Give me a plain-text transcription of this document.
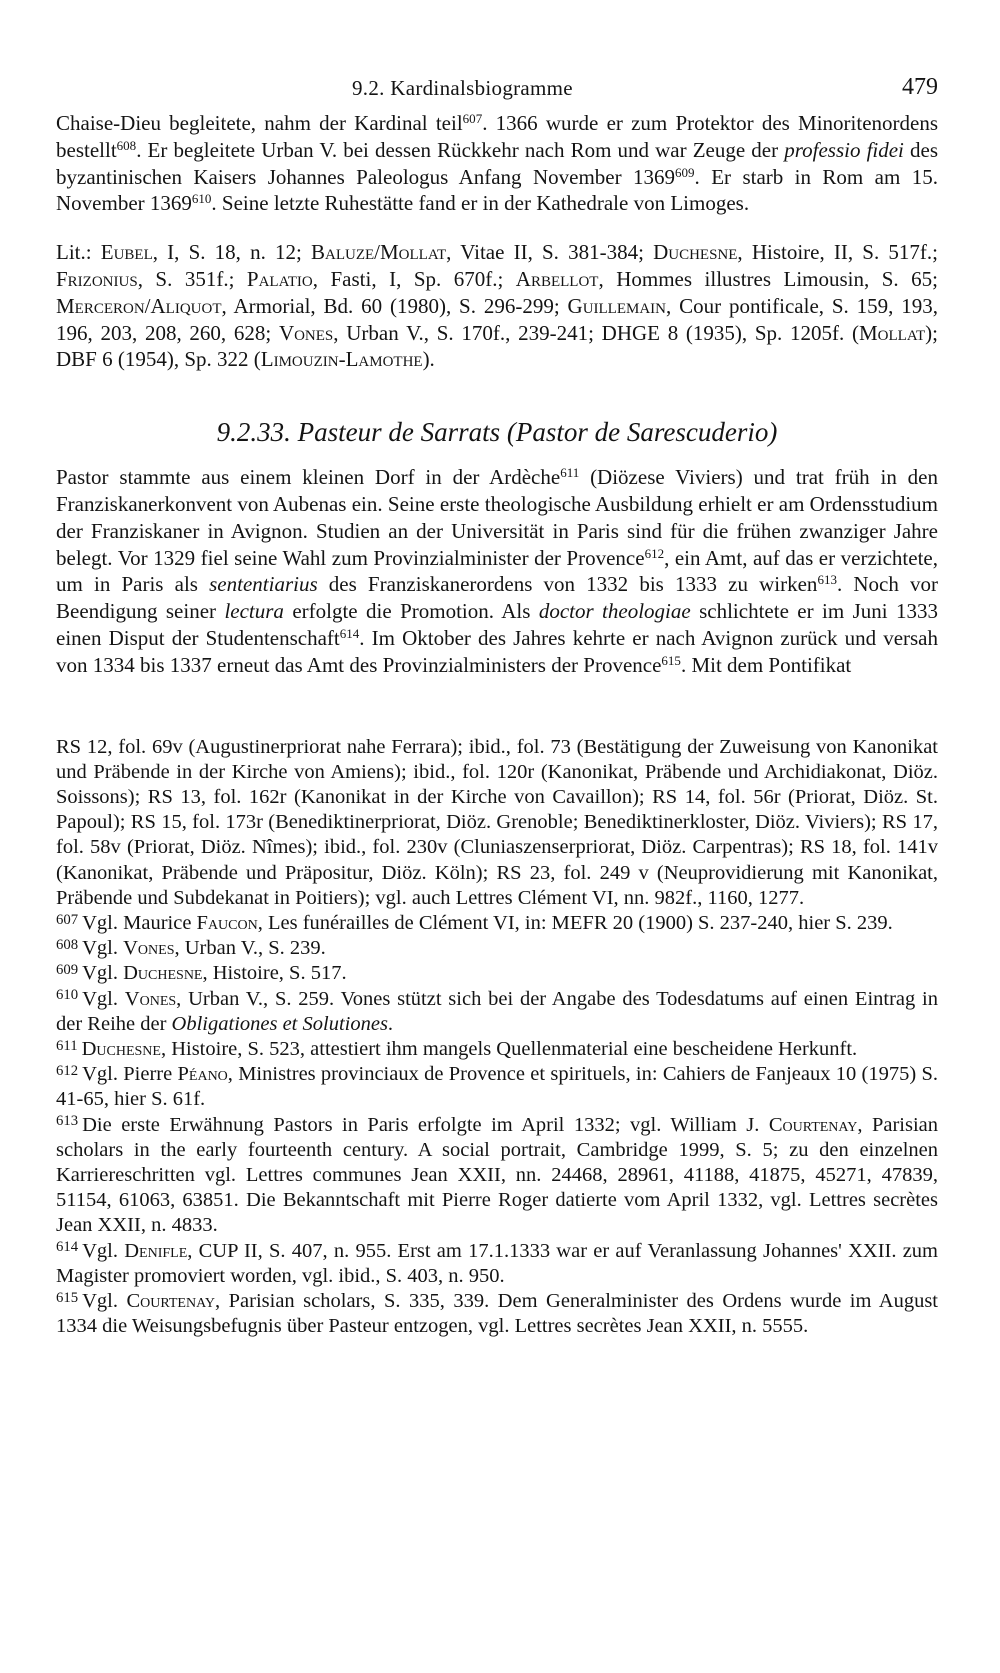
9.2. Kardinalsbiogramme	479

Chaise-Dieu begleitete, nahm der Kardinal teil$^{607}$. 1366 wurde er zum Protektor des Minoritenordens bestellt$^{608}$. Er begleitete Urban V. bei dessen Rückkehr nach Rom und war Zeuge der professio fidei des byzantinischen Kaisers Johannes Paleologus Anfang November 1369$^{609}$. Er starb in Rom am 15. November 1369$^{610}$. Seine letzte Ruhestätte fand er in der Kathedrale von Limoges.

Lit.: Eubel, I, S. 18, n. 12; Baluze/Mollat, Vitae II, S. 381-384; Duchesne, Histoire, II, S. 517f.; Frizonius, S. 351f.; Palatio, Fasti, I, Sp. 670f.; Arbellot, Hommes illustres Limousin, S. 65; Merceron/Aliquot, Armorial, Bd. 60 (1980), S. 296-299; Guillemain, Cour pontificale, S. 159, 193, 196, 203, 208, 260, 628; Vones, Urban V., S. 170f., 239-241; DHGE 8 (1935), Sp. 1205f. (Mollat); DBF 6 (1954), Sp. 322 (Limouzin-Lamothe).

9.2.33. Pasteur de Sarrats (Pastor de Sarescuderio)

Pastor stammte aus einem kleinen Dorf in der Ardèche$^{611}$ (Diözese Viviers) und trat früh in den Franziskanerkonvent von Aubenas ein. Seine erste theologische Ausbildung erhielt er am Ordensstudium der Franziskaner in Avignon. Studien an der Universität in Paris sind für die frühen zwanziger Jahre belegt. Vor 1329 fiel seine Wahl zum Provinzialminister der Provence$^{612}$, ein Amt, auf das er verzichtete, um in Paris als sententiarius des Franziskanerordens von 1332 bis 1333 zu wirken$^{613}$. Noch vor Beendigung seiner lectura erfolgte die Promotion. Als doctor theologiae schlichtete er im Juni 1333 einen Disput der Studentenschaft$^{614}$. Im Oktober des Jahres kehrte er nach Avignon zurück und versah von 1334 bis 1337 erneut das Amt des Provinzialministers der Provence$^{615}$. Mit dem Pontifikat

RS 12, fol. 69v (Augustinerpriorat nahe Ferrara); ibid., fol. 73 (Bestätigung der Zuweisung von Kanonikat und Präbende in der Kirche von Amiens); ibid., fol. 120r (Kanonikat, Präbende und Archidiakonat, Diöz. Soissons); RS 13, fol. 162r (Kanonikat in der Kirche von Cavaillon); RS 14, fol. 56r (Priorat, Diöz. St. Papoul); RS 15, fol. 173r (Benediktinerpriorat, Diöz. Grenoble; Benediktinerkloster, Diöz. Viviers); RS 17, fol. 58v (Priorat, Diöz. Nîmes); ibid., fol. 230v (Cluniaszenserpriorat, Diöz. Carpentras); RS 18, fol. 141v (Kanonikat, Präbende und Präpositur, Diöz. Köln); RS 23, fol. 249 v (Neuprovidierung mit Kanonikat, Präbende und Subdekanat in Poitiers); vgl. auch Lettres Clément VI, nn. 982f., 1160, 1277.

$^{607}$ Vgl. Maurice Faucon, Les funérailles de Clément VI, in: MEFR 20 (1900) S. 237-240, hier S. 239.

$^{608}$ Vgl. Vones, Urban V., S. 239.

$^{609}$ Vgl. Duchesne, Histoire, S. 517.

$^{610}$ Vgl. Vones, Urban V., S. 259. Vones stützt sich bei der Angabe des Todesdatums auf einen Eintrag in der Reihe der Obligationes et Solutiones.

$^{611}$ Duchesne, Histoire, S. 523, attestiert ihm mangels Quellenmaterial eine bescheidene Herkunft.

$^{612}$ Vgl. Pierre Péano, Ministres provinciaux de Provence et spirituels, in: Cahiers de Fanjeaux 10 (1975) S. 41-65, hier S. 61f.

$^{613}$ Die erste Erwähnung Pastors in Paris erfolgte im April 1332; vgl. William J. Courtenay, Parisian scholars in the early fourteenth century. A social portrait, Cambridge 1999, S. 5; zu den einzelnen Karriereschritten vgl. Lettres communes Jean XXII, nn. 24468, 28961, 41188, 41875, 45271, 47839, 51154, 61063, 63851. Die Bekanntschaft mit Pierre Roger datierte vom April 1332, vgl. Lettres secrètes Jean XXII, n. 4833.

$^{614}$ Vgl. Denifle, CUP II, S. 407, n. 955. Erst am 17.1.1333 war er auf Veranlassung Johannes' XXII. zum Magister promoviert worden, vgl. ibid., S. 403, n. 950.

$^{615}$ Vgl. Courtenay, Parisian scholars, S. 335, 339. Dem Generalminister des Ordens wurde im August 1334 die Weisungsbefugnis über Pasteur entzogen, vgl. Lettres secrètes Jean XXII, n. 5555.
